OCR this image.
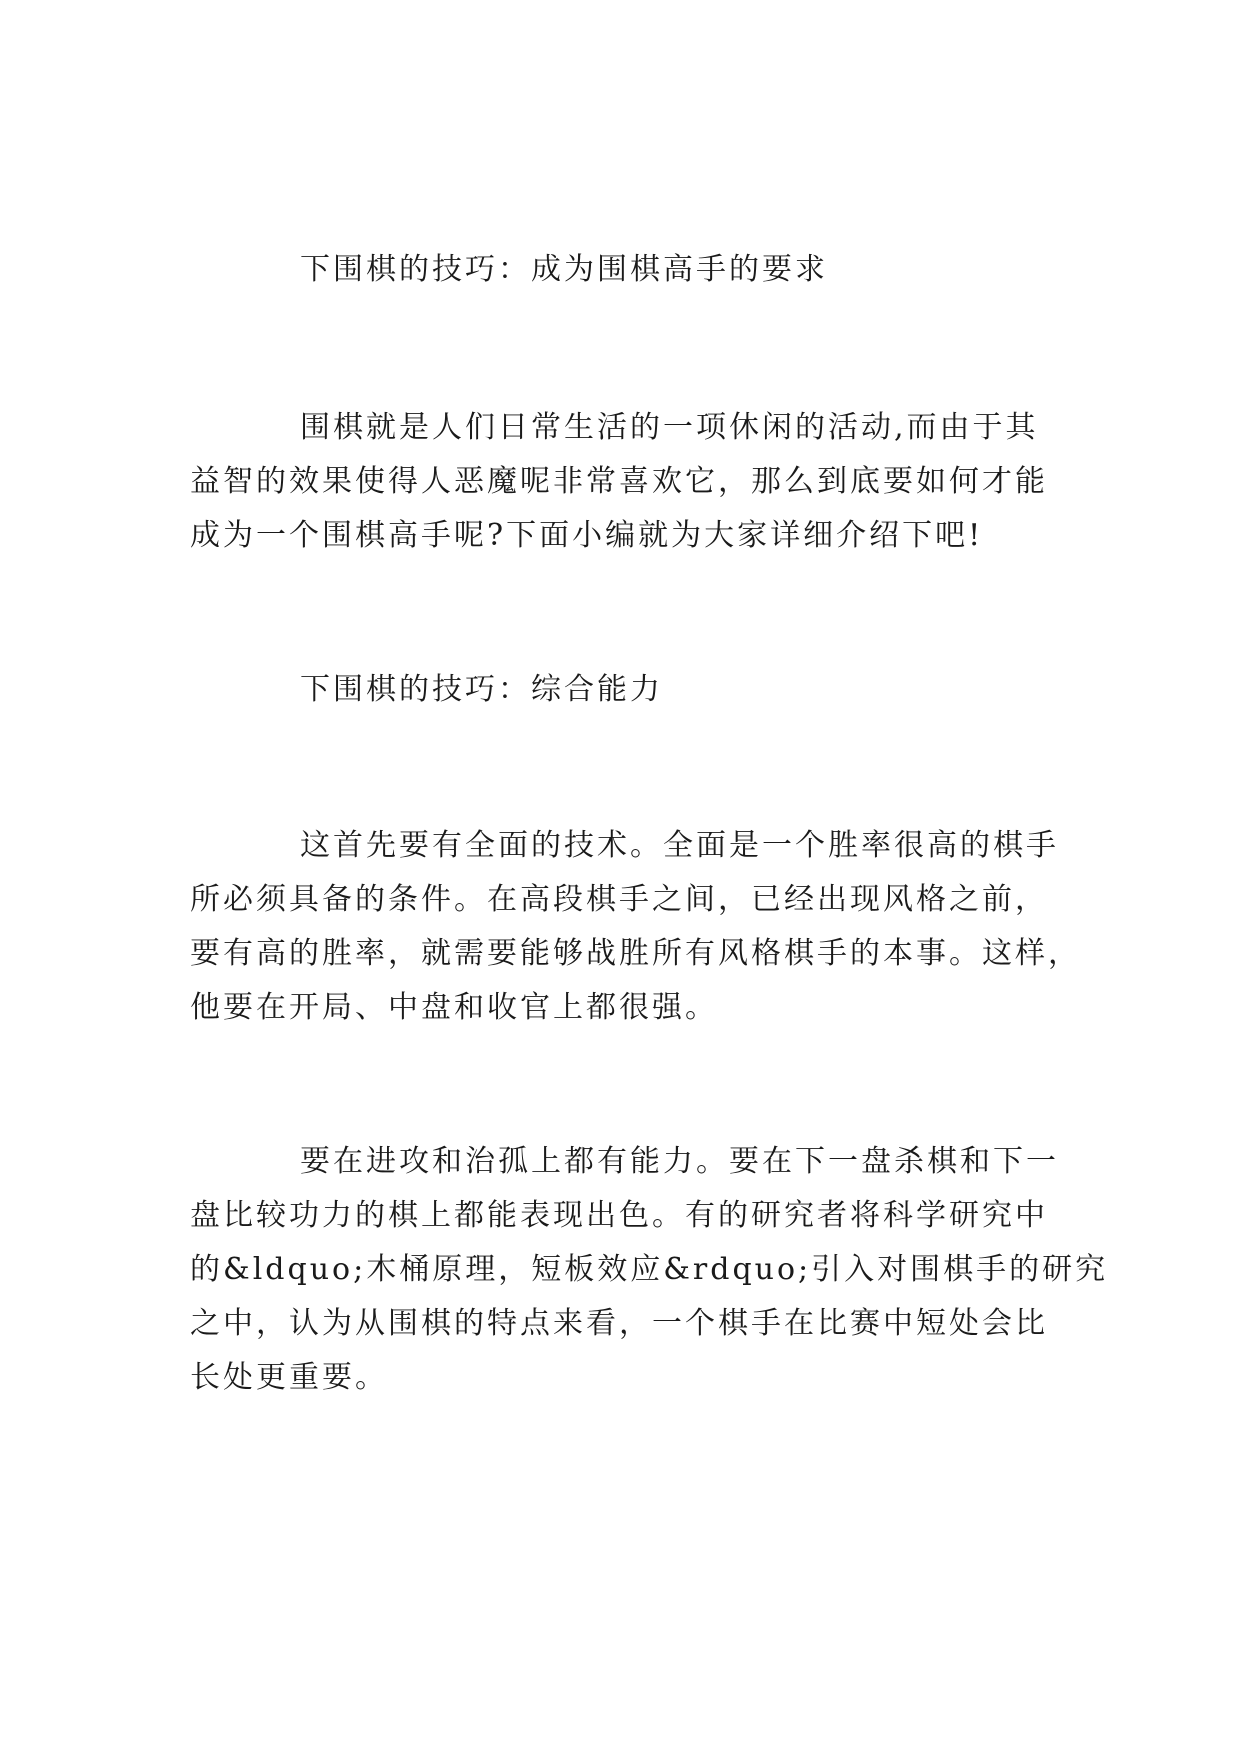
下围棋的技巧：成为围棋高手的要求
围棋就是人们日常生活的一项休闲的活动,而由于其
益智的效果使得人恶魔呢非常喜欢它，那么到底要如何才能
成为一个围棋高手呢?下面小编就为大家详细介绍下吧!
下围棋的技巧：综合能力
这首先要有全面的技术。全面是一个胜率很高的棋手
所必须具备的条件。在高段棋手之间，已经出现风格之前，
要有高的胜率，就需要能够战胜所有风格棋手的本事。这样，
他要在开局、中盘和收官上都很强。
要在进攻和治孤上都有能力。要在下一盘杀棋和下一
盘比较功力的棋上都能表现出色。有的研究者将科学研究中
的&ldquo;木桶原理，短板效应&rdquo;引入对围棋手的研究
之中，认为从围棋的特点来看，一个棋手在比赛中短处会比
长处更重要。
